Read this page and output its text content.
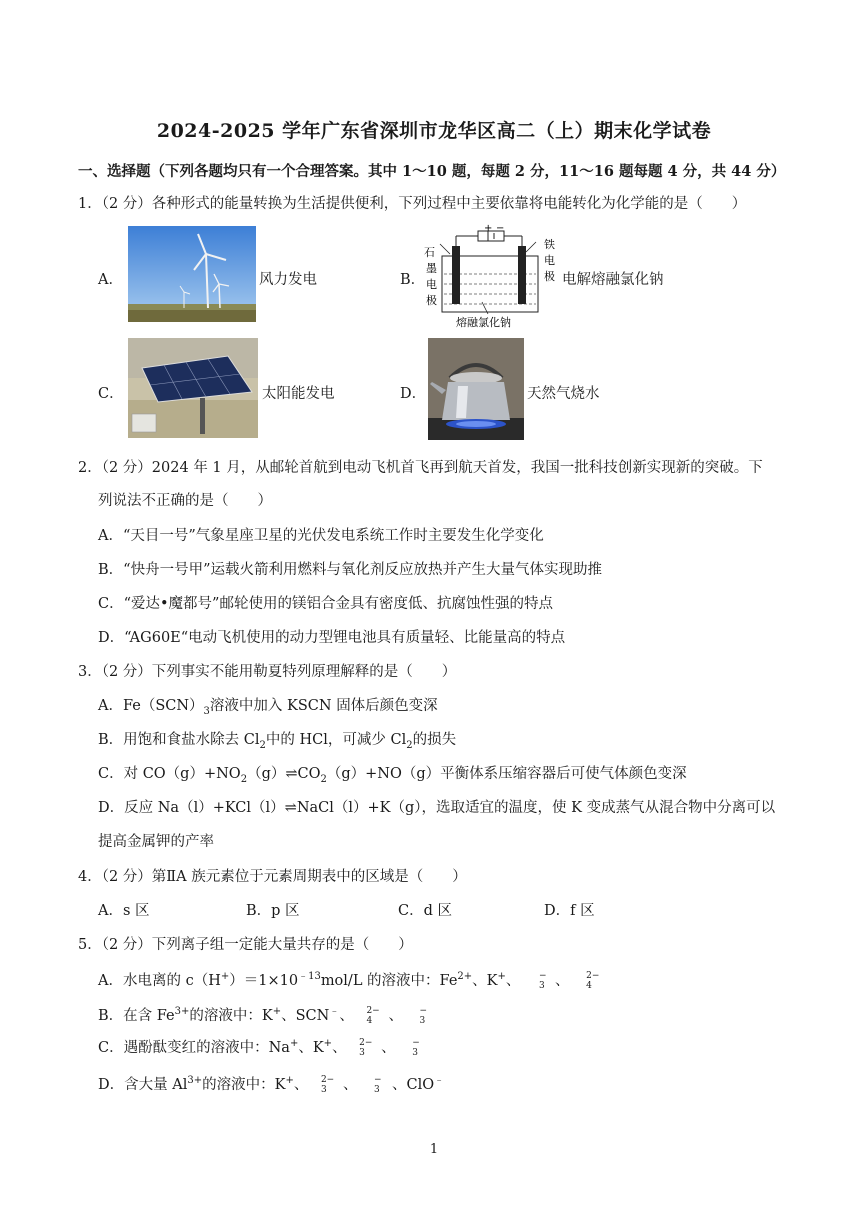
2024-2025 学年广东省深圳市龙华区高二（上）期末化学试卷
一、选择题（下列各题均只有一个合理答案。其中 1～10 题，每题 2 分，11～16 题每题 4 分，共 44 分）
1．（2 分）各种形式的能量转换为生活提供便利，下列过程中主要依靠将电能转化为化学能的是（　　）
A．	风力发电	B．
+ −
石
墨
电
极
铁
电
极
熔融氯化钠
电解熔融氯化钠
C．	太阳能发电	D．	天然气烧水
2．（2 分）2024 年 1 月，从邮轮首航到电动飞机首飞再到航天首发，我国一批科技创新实现新的突破。下
列说法不正确的是（　　）
A．“天目一号”气象星座卫星的光伏发电系统工作时主要发生化学变化
B．“快舟一号甲”运载火箭利用燃料与氧化剂反应放热并产生大量气体实现助推
C．“爱达•魔都号”邮轮使用的镁铝合金具有密度低、抗腐蚀性强的特点
D．“AG60E“电动飞机使用的动力型锂电池具有质量轻、比能量高的特点
3．（2 分）下列事实不能用勒夏特列原理解释的是（　　）
A．$Fe(SCN)_3$溶液中加入 KSCN 固体后颜色变深
B．用饱和食盐水除去 $Cl_2$中的 HCl，可减少 $Cl_2$的损失
C．对 $CO(g)+NO_2(g)\rightleftharpoons CO_2(g)+NO(g)$平衡体系压缩容器后可使气体颜色变深
D．反应 Na（l）+KCl（l）⇌NaCl（l）+K（g），选取适宜的温度，使 K 变成蒸气从混合物中分离可以
提高金属钾的产率
4．（2 分）第ⅡA 族元素位于元素周期表中的区域是（　　）
A．s 区	B．p 区	C．d 区	D．f 区
5．（2 分）下列离子组一定能大量共存的是（　　）
A．水电离的 $c(H^+)=1\times 10^{﹣13}mol/L$ 的溶液中：$Fe^{2+}$、K+、 −
3 、 2−
4
B．在含 $Fe^{3+}$的溶液中：K+、SCN﹣、 2−
4 、 −
3
C．遇酚酞变红的溶液中：Na+、K+、 2−
3 、 −
3
D．含大量 $Al^{3+}$的溶液中：K+、 2−
3 、 −
3 、ClO﹣
1
